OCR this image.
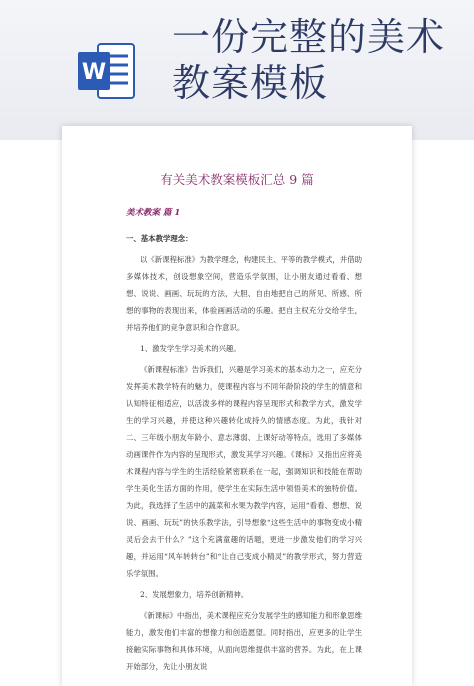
W
一份完整的美术教案模板
有关美术教案模板汇总 9 篇
美术教案 篇 1

一、基本教学理念：

以《新课程标准》为教学理念，构建民主、平等的教学模式，并借助多媒体技术，创设想象空间，营造乐学氛围，让小朋友通过看看、想想、说说、画画、玩玩的方法，大胆、自由地把自己的所见、所感、所想的事物的表现出来，体验画画活动的乐趣。把自主权充分交给学生，并培养他们的竞争意识和合作意识。

1、激发学生学习美术的兴趣。

《新课程标准》告诉我们，兴趣是学习美术的基本动力之一，应充分发挥美术教学特有的魅力，使课程内容与不同年龄阶段的学生的情意和认知特征相适应，以活泼多样的课程内容呈现形式和教学方式，激发学生的学习兴趣，并使这种兴趣转化成持久的情感态度。为此，我针对二、三年级小朋友年龄小、意志薄弱、上课好动等特点，选用了多媒体动画课件作为内容的呈现形式，激发其学习兴趣。《课标》又指出应将美术课程内容与学生的生活经验紧密联系在一起，强调知识和技能在帮助学生美化生活方面的作用，使学生在实际生活中领悟美术的独特价值。为此，我选择了生活中的蔬菜和水果为教学内容，运用“看看、想想、说说、画画、玩玩”的快乐教学法，引导想象“这些生活中的事物变成小精灵后会去干什么？”这个充满童趣的话题，更进一步激发他们的学习兴趣，并运用“风车转转台”和“让自己变成小精灵”的教学形式，努力营造乐学氛围。

2、发展想象力，培养创新精神。

《新课标》中指出，美术课程应充分发展学生的感知能力和形象思维能力，激发他们丰富的想像力和创造愿望。同时指出，应更多的让学生接触实际事物和具体环境，从面向思维提供丰富的营养。为此，在上课开始部分，先让小朋友说
